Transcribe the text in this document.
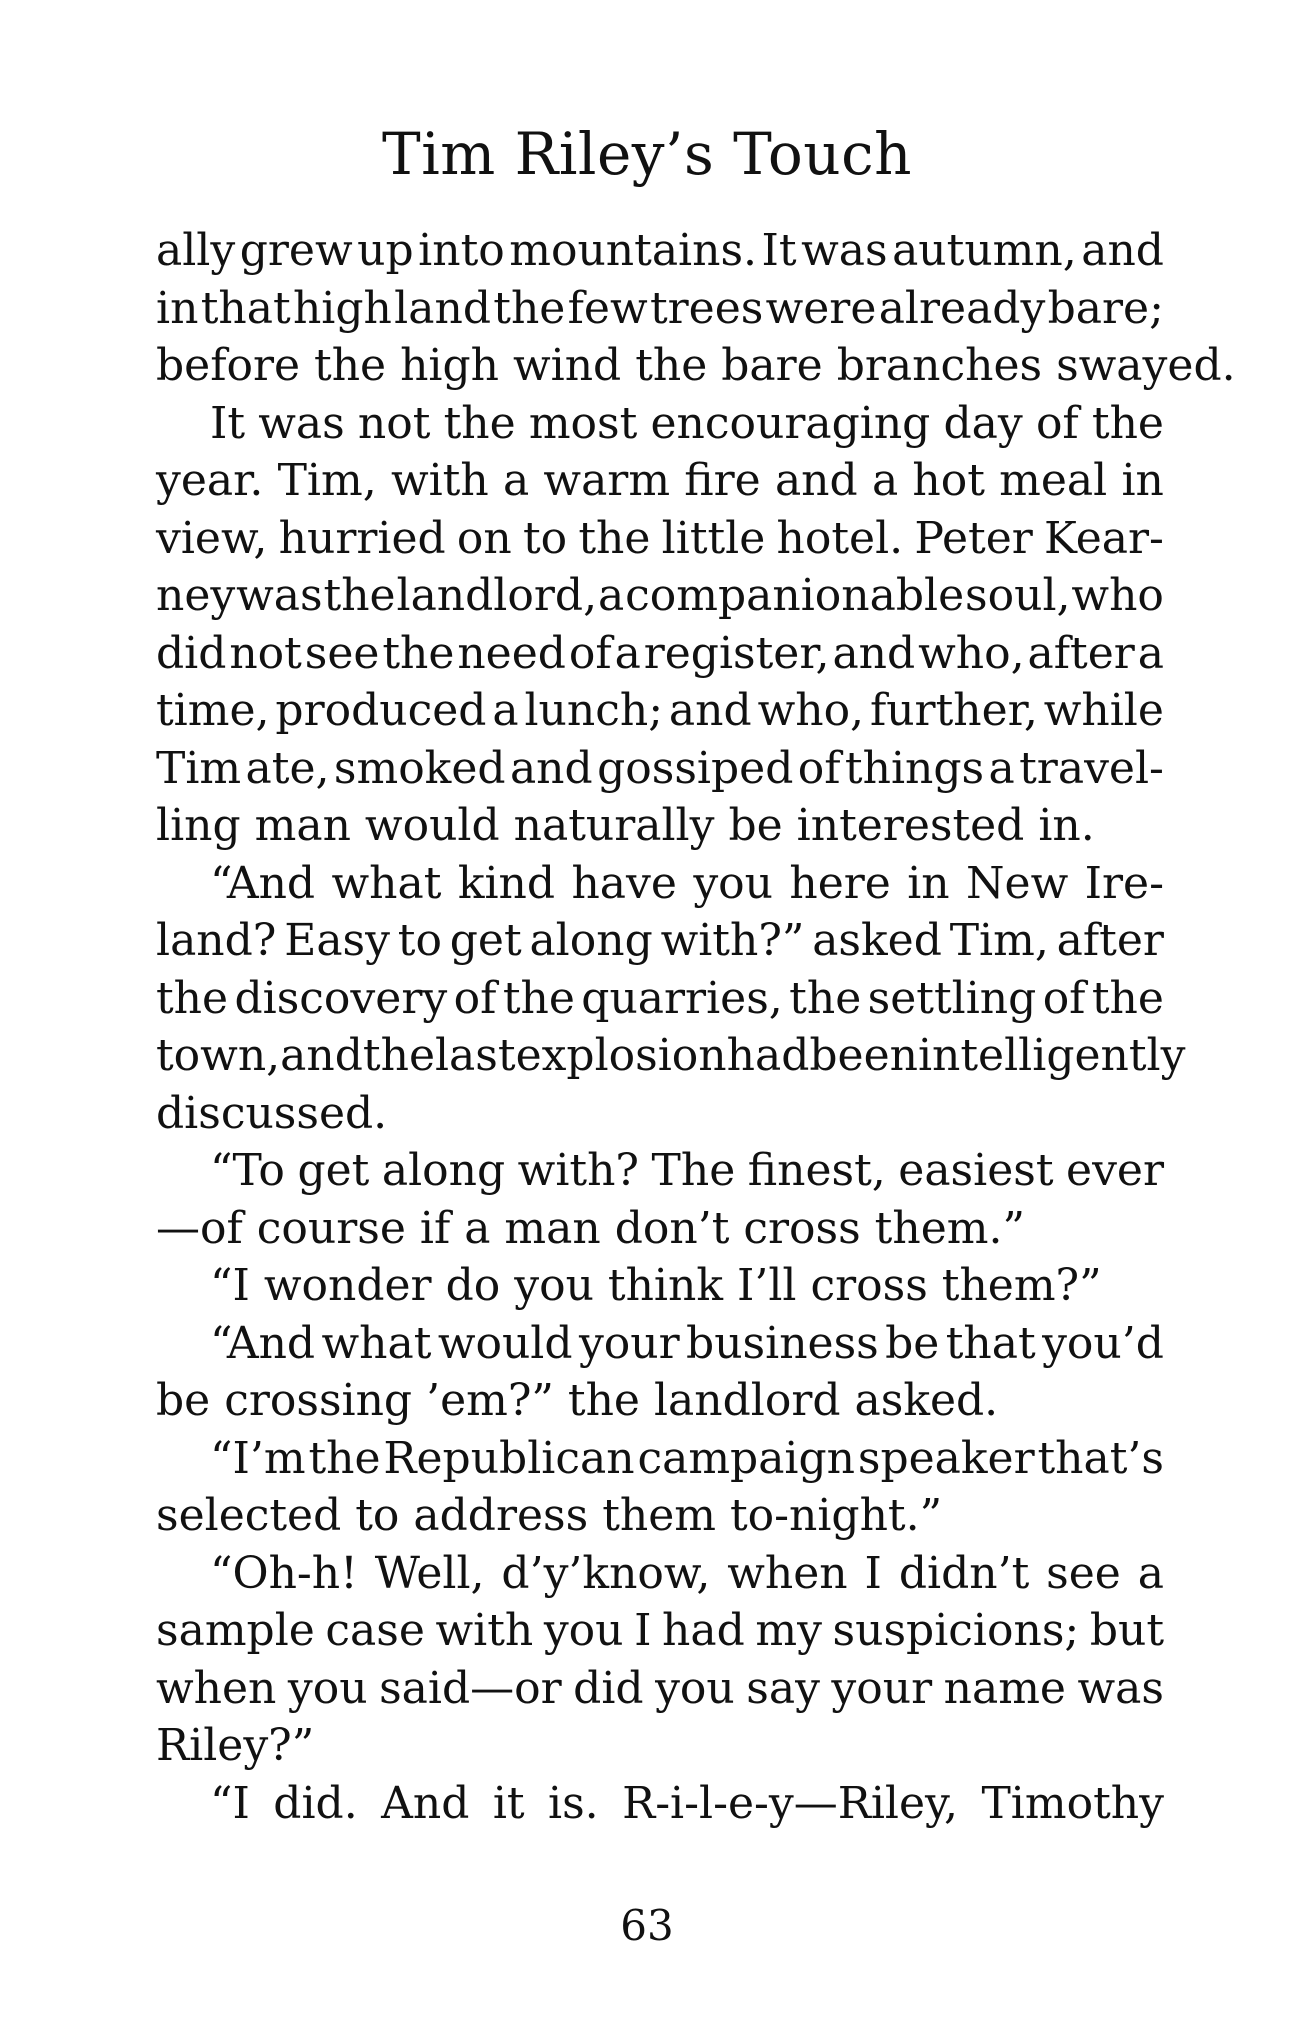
Tim Riley’s Touch
ally grew up into mountains. It was autumn, and
in that high land the few trees were already bare;
before the high wind the bare branches swayed.
It was not the most encouraging day of the
year. Tim, with a warm fire and a hot meal in
view, hurried on to the little hotel. Peter Kear-
ney was the landlord, a companionable soul, who
did not see the need of a register, and who, after a
time, produced a lunch; and who, further, while
Tim ate, smoked and gossiped of things a travel-
ling man would naturally be interested in.
“And what kind have you here in New Ire-
land? Easy to get along with?” asked Tim, after
the discovery of the quarries, the settling of the
town, and the last explosion had been intelligently
discussed.
“To get along with? The finest, easiest ever
—of course if a man don’t cross them.”
“I wonder do you think I’ll cross them?”
“And what would your business be that you’d
be crossing ’em?” the landlord asked.
“I’m the Republican campaign speaker that’s
selected to address them to-night.”
“Oh-h! Well, d’y’know, when I didn’t see a
sample case with you I had my suspicions; but
when you said—or did you say your name was
Riley?”
“I did. And it is. R-i-l-e-y—Riley, Timothy
63
